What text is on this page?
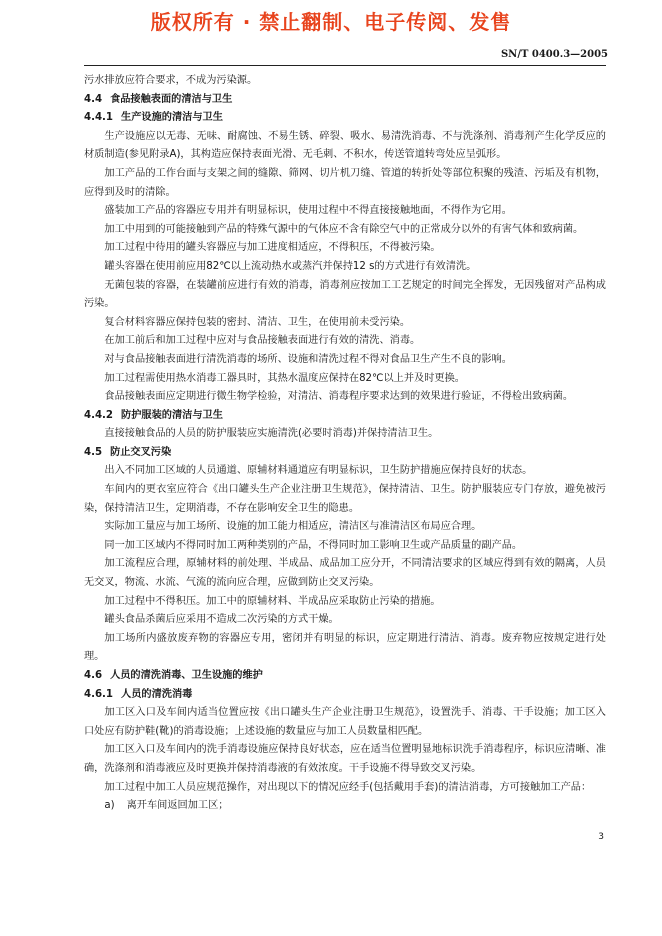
版权所有 · 禁止翻制、电子传阅、发售
SN/T 0400.3—2005

污水排放应符合要求，不成为污染源。

4.4 食品接触表面的清洁与卫生

4.4.1 生产设施的清洁与卫生

生产设施应以无毒、无味、耐腐蚀、不易生锈、碎裂、吸水、易清洗消毒、不与洗涤剂、消毒剂产生化学反应的材质制造(参见附录A)，其构造应保持表面光滑、无毛刺、不积水，传送管道转弯处应呈弧形。

加工产品的工作台面与支架之间的缝隙、筛网、切片机刀缝、管道的转折处等部位积聚的残渣、污垢及有机物，应得到及时的清除。

盛装加工产品的容器应专用并有明显标识，使用过程中不得直接接触地面，不得作为它用。

加工中用到的可能接触到产品的特殊气源中的气体应不含有除空气中的正常成分以外的有害气体和致病菌。

加工过程中待用的罐头容器应与加工进度相适应，不得积压，不得被污染。

罐头容器在使用前应用82℃以上流动热水或蒸汽并保持12 s的方式进行有效清洗。

无菌包装的容器，在装罐前应进行有效的消毒，消毒剂应按加工工艺规定的时间完全挥发，无因残留对产品构成污染。

复合材料容器应保持包装的密封、清洁、卫生，在使用前未受污染。

在加工前后和加工过程中应对与食品接触表面进行有效的清洗、消毒。

对与食品接触表面进行清洗消毒的场所、设施和清洗过程不得对食品卫生产生不良的影响。

加工过程需使用热水消毒工器具时，其热水温度应保持在82℃以上并及时更换。

食品接触表面应定期进行微生物学检验，对清洁、消毒程序要求达到的效果进行验证，不得检出致病菌。

4.4.2 防护服装的清洁与卫生

直接接触食品的人员的防护服装应实施清洗(必要时消毒)并保持清洁卫生。

4.5 防止交叉污染

出入不同加工区域的人员通道、原辅材料通道应有明显标识，卫生防护措施应保持良好的状态。

车间内的更衣室应符合《出口罐头生产企业注册卫生规范》，保持清洁、卫生。防护服装应专门存放，避免被污染，保持清洁卫生，定期消毒，不存在影响安全卫生的隐患。

实际加工量应与加工场所、设施的加工能力相适应，清洁区与准清洁区布局应合理。

同一加工区域内不得同时加工两种类别的产品，不得同时加工影响卫生或产品质量的副产品。

加工流程应合理，原辅材料的前处理、半成品、成品加工应分开，不同清洁要求的区域应得到有效的隔离，人员无交叉，物流、水流、气流的流向应合理，应做到防止交叉污染。

加工过程中不得积压。加工中的原辅材料、半成品应采取防止污染的措施。

罐头食品杀菌后应采用不造成二次污染的方式干燥。

加工场所内盛放废弃物的容器应专用，密闭并有明显的标识，应定期进行清洁、消毒。废弃物应按规定进行处理。

4.6 人员的清洗消毒、卫生设施的维护

4.6.1 人员的清洗消毒

加工区入口及车间内适当位置应按《出口罐头生产企业注册卫生规范》，设置洗手、消毒、干手设施；加工区入口处应有防护鞋(靴)的消毒设施；上述设施的数量应与加工人员数量相匹配。

加工区入口及车间内的洗手消毒设施应保持良好状态，应在适当位置明显地标识洗手消毒程序，标识应清晰、准确，洗涤剂和消毒液应及时更换并保持消毒液的有效浓度。干手设施不得导致交叉污染。

加工过程中加工人员应规范操作，对出现以下的情况应经手(包括戴用手套)的清洁消毒，方可接触加工产品：

a) 离开车间返回加工区；

3
